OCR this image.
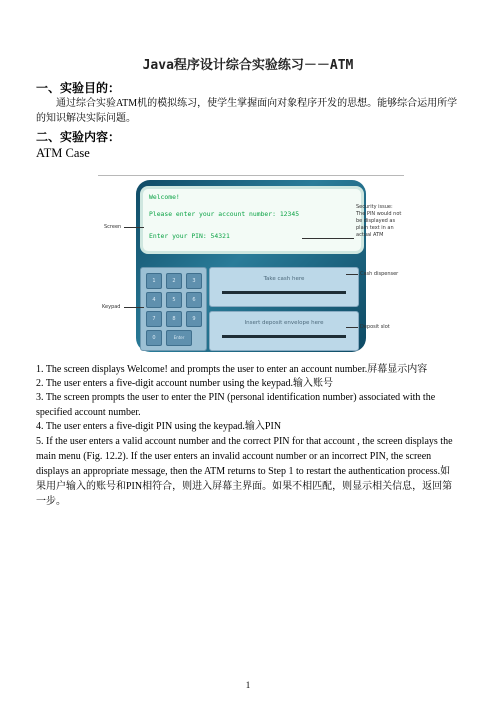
Java程序设计综合实验练习－－ATM
一、实验目的：
通过综合实验ATM机的模拟练习，使学生掌握面向对象程序开发的思想。能够综合运用所学的知识解决实际问题。
二、实验内容：
ATM Case
Welcome!
Please enter your account number: 12345
Enter your PIN: 54321
1	2	3
4	5	6
7	8	9
0	Enter
Take cash here
Insert deposit envelope here
Screen
Keypad
Security issue: The PIN would not be displayed as plain text in an actual ATM
Cash dispenser
Deposit slot
1. The screen displays Welcome! and prompts the user to enter an account number.屏幕显示内容
2. The user enters a five-digit account number using the keypad.输入账号
3. The screen prompts the user to enter the PIN (personal identification number) associated with the specified account number.
4. The user enters a five-digit PIN using the keypad.输入PIN
5. If the user enters a valid account number and the correct PIN for that account , the screen displays the main menu (Fig. 12.2). If the user enters an invalid account number or an incorrect PIN, the screen displays an appropriate message, then the ATM returns to Step 1 to restart the authentication process.如果用户输入的账号和PIN相符合，则进入屏幕主界面。如果不相匹配，则显示相关信息，返回第一步。
1
